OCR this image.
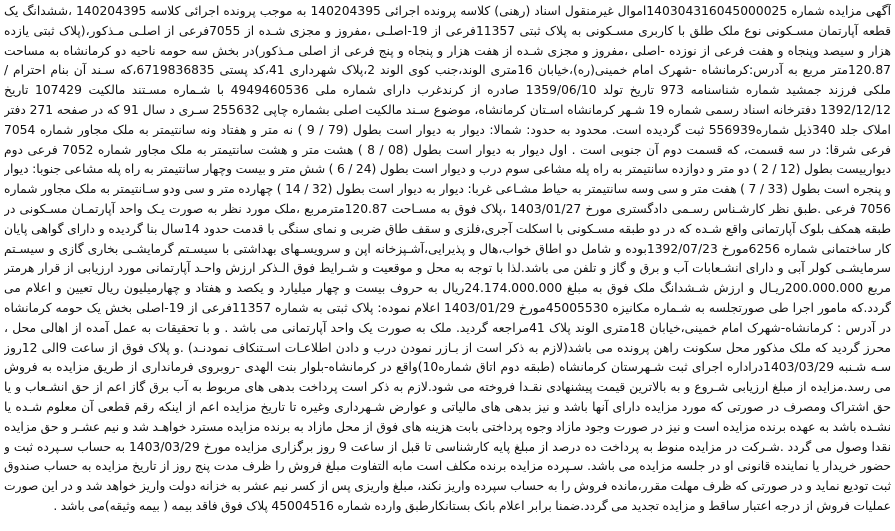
آگهی مزایده شماره 140304316045000025اموال غیرمنقول اسناد (رهنی) کلاسه پرونده اجرائی 140204395 به موجب پرونده اجرائی کلاسه 140204395 ،ششدانگ یک قطعه آپارتمان مسـکونی نوع ملک طلق با کاربری مسـکونی به پلاک ثبتی 11357فرعی از 19-اصلـی ،مفروز و مجزی شـده از 7055فرعی از اصلـی مـذکور،(پلاک ثبتی یازده هزار و سیصد وپنجاه و هفت فرعی از نوزده -اصلی ،مفروز و مجزی شـده از هفت هزار و پنجاه و پنج فرعی از اصلی مـذکور)در بخش سه حومه ناحیه دو کرمانشاه به مساحت 120.87متر مربع به آدرس:کرمانشاه -شهرک امام خمینی(ره)،خیابان 16متری الوند،جنب کوی الوند 2،پلاک شهرداری 41،کد پستی 6719836835،که سـند آن بنام احترام / ملکی فرزند جمشید شماره شناسنامه 973 تاریخ تولد 1359/06/10 صادره از کرندغرب دارای شماره ملی 4949460536 با شـماره مسـتند مالکیت 107429 تاریخ 1392/12/12 دفترخانه اسناد رسمی شماره 19 شـهر کرمانشاه اسـتان کرمانشاه، موضوع سـند مالکیت اصلی بشماره چاپی 255632 سـری د سال 91 که در صفحه 271 دفتر املاک جلد 340ذیل شماره556939 ثبت گردیده است. محدود به حدود: شمالا: دیوار به دیوار است بطول (79 / 9 ) نه متر و هفتاد ونه سانتیمتر به ملک مجاور شماره 7054 فرعی شرقا: در سه قسمت، که قسمت دوم آن جنوبی است . اول دیوار به دیوار است بطول (08 / 8 ) هشت متر و هشت سانتیمتر به ملک مجاور شماره 7052 فرعی دوم دیوارییست بطول (12 / 2 ) دو متر و دوازده سانتیمتر به راه پله مشاعی سوم درب و دیوار است بطول (24 / 6 ) شش متر و بیست وچهار سانتیمتر به راه پله مشاعی جنوبا: دیوار و پنجره است بطول (33 / 7 ) هفت متر و سی وسه سانتیمتر به حیاط مشـاعی غربا: دیوار به دیوار است بطول (32 / 14 ) چهارده متر و سی ودو سـانتیمتر به ملک مجاور شماره 7056 فرعی .طبق نظر کارشـناس رسـمی دادگستری مورخ 1403/01/27 ،پلاک فوق به مسـاحت 120.87مترمربع ،ملک مورد نظر به صورت یـک واحد آپارتمـان مسـکونی در طبقه همکف بلوک آپارتمانی واقع شـده که در دو طبقه مسـکونی با اسکلت آجری،فلزی و سقف طاق ضربی و نمای سنگی با قدمت حدود 14سال بنا گردیده و دارای گواهی پایان کار ساختمانی شماره 6256مورخ 1392/07/23بوده و شامل دو اطاق خواب،هال و پذیرایی،آشـپزخانه اپن و سرویسـهای بهداشتی با سیسـتم گرمایشـی بخاری گازی و سیسـتم سرمایشـی کولر آبی و دارای انشـعابات آب و برق و گاز و تلفن می باشد.لذا با توجه به محل و موقعیت و شـرایط فوق الـذکر ارزش واحـد آپارتمانی مورد ارزیابی از قرار هرمتر مربع 200.000.000ریـال و ارزش شـشدانگ ملک فوق به مبلغ 24.174.000.000ریال به حروف بیست و چهار میلیارد و یکصد و هفتاد و چهارمیلیون ریال تعیین و اعلام می گردد.که مامور اجرا طی صورتجلسه به شـماره مکانیزه 45005530مورخ 1403/01/29 اعلام نموده: پلاک ثبتی به شماره 11357فرعی از 19-اصلی بخش یک حومه کرمانشاه در آدرس : کرمانشاه-شهرک امام خمینی،خیابان 18متری الوند پلاک 41مراجعه گردید. ملک به صورت یک واحد آپارتمانی می باشد . و با تحقیقات به عمل آمده از اهالی محل ، محرز گردید که ملک مذکور محل سکونت راهن پرونده می باشد(لازم به ذکر است از بـازر نمودن درب و دادن اطلاعـات اسـتنکاف نمودنـد) .و پلاک فوق از ساعت 9الی 12روز سـه شـنبه 1403/03/29دراداره اجرای ثبت شـهرستان کرمانشاه (طبقه دوم اتاق شماره10)واقع در کرمانشاه-بلوار بنت الهدی -روبروی فرمانداری از طریق مزایده به فروش می رسد.مزایده از مبلغ ارزیابی شـروع و به بالاترین قیمت پیشنهادی نقـدا فروخته می شود.لازم به ذکر است پرداخت بدهی های مربوط به آب برق گاز اعم از حق انشـعاب و یا حق اشتراک ومصرف در صورتی که مورد مزایده دارای آنها باشد و نیز بدهی های مالیاتی و عوارض شـهرداری وغیره تا تاریخ مزایده اعم از اینکه رقم قطعی آن معلوم شـده یا نشـده باشد به عهده برنده مزایده است و نیز در صورت وجود مازاد وجوه پرداختی بابت هزینه های فوق از محل مازاد به برنده مزایده مسترد خواهـد شد و نیم عشـر و حق مزایده نقدا وصول می گردد .شـرکت در مزایده منوط به پرداخت ده درصد از مبلغ پایه کارشناسی تا قبل از ساعت 9 روز برگزاری مزایده مورخ 1403/03/29 به حساب سـپرده ثبت و حضور خریدار یا نماینده قانونی او در جلسه مزایده می باشد. سـپرده مزایده برنده مکلف است مابه التفاوت مبلغ فروش را ظرف مدت پنج روز از تاریخ مزایده به حساب صندوق ثبت تودیع نماید و در صورتی که ظرف مهلت مقرر،مانده فروش را به حساب سپرده واریز نکند، مبلغ واریزی پس از کسر نیم عشر به خزانه دولت واریز خواهد شد و در این صورت عملیات فروش از درجه اعتبار ساقط و مزایده تجدید می گردد.ضمنا برابر اعلام بانک بستانکارطبق وارده شماره 45004516 پلاک فوق فاقد بیمه ( بیمه وثیقه)می باشد .
